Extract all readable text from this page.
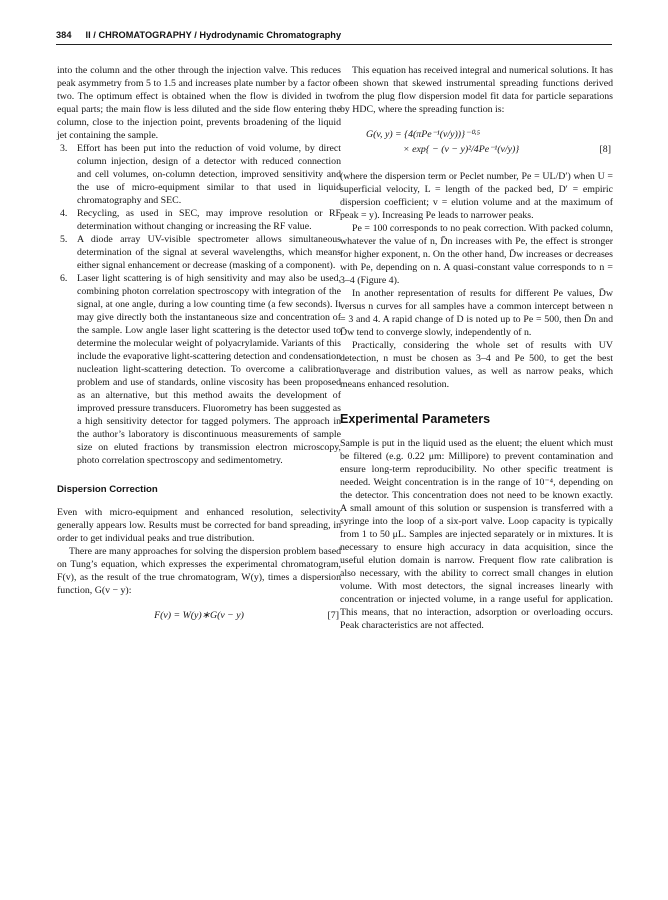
384 II / CHROMATOGRAPHY / Hydrodynamic Chromatography

into the column and the other through the injection valve. This reduces peak asymmetry from 5 to 1.5 and increases plate number by a factor of two. The optimum effect is obtained when the flow is divided in two equal parts; the main flow is less diluted and the side flow entering the column, close to the injection point, prevents broadening of the liquid jet containing the sample.

3. Effort has been put into the reduction of void volume, by direct column injection, design of a detector with reduced connection and cell volumes, on-column detection, improved sensitivity and the use of micro-equipment similar to that used in liquid chromatography and SEC.
4. Recycling, as used in SEC, may improve resolution or RF determination without changing or increasing the RF value.
5. A diode array UV-visible spectrometer allows simultaneous determination of the signal at several wavelengths, which means either signal enhancement or decrease (masking of a component).
6. Laser light scattering is of high sensitivity and may also be used, combining photon correlation spectroscopy with integration of the signal, at one angle, during a low counting time (a few seconds). It may give directly both the instantaneous size and concentration of the sample. Low angle laser light scattering is the detector used to determine the molecular weight of polyacrylamide. Variants of this include the evaporative light-scattering detection and condensation nucleation light-scattering detection. To overcome a calibration problem and use of standards, online viscosity has been proposed as an alternative, but this method awaits the development of improved pressure transducers. Fluorometry has been suggested as a high sensitivity detector for tagged polymers. The approach in the author’s laboratory is discontinuous measurements of sample size on eluted fractions by transmission electron microscopy, photo correlation spectroscopy and sedimentometry.
Dispersion Correction

Even with micro-equipment and enhanced resolution, selectivity generally appears low. Results must be corrected for band spreading, in order to get individual peaks and true distribution.

There are many approaches for solving the dispersion problem based on Tung’s equation, which expresses the experimental chromatogram, F(v), as the result of the true chromatogram, W(y), times a dispersion function, G(v − y):

F(v) = W(y)∗G(v − y)	[7]

This equation has received integral and numerical solutions. It has been shown that skewed instrumental spreading functions derived from the plug flow dispersion model fit data for particle separations by HDC, where the spreading function is:

G(v, y) = {4(πPe⁻¹(v/y))}⁻⁰·⁵
× exp{ − (v − y)²/4Pe⁻¹(v/y)}	[8]

(where the dispersion term or Peclet number, Pe = UL/D′) when U = superficial velocity, L = length of the packed bed, D′ = empiric dispersion coefficient; v = elution volume and at the maximum of peak = y). Increasing Pe leads to narrower peaks.

Pe = 100 corresponds to no peak correction. With packed column, whatever the value of n, D̄n increases with Pe, the effect is stronger for higher exponent, n. On the other hand, D̄w increases or decreases with Pe, depending on n. A quasi-constant value corresponds to n = 3–4 (Figure 4).

In another representation of results for different Pe values, D̄w versus n curves for all samples have a common intercept between n = 3 and 4. A rapid change of D is noted up to Pe = 500, then D̄n and D̄w tend to converge slowly, independently of n.

Practically, considering the whole set of results with UV detection, n must be chosen as 3–4 and Pe 500, to get the best average and distribution values, as well as narrow peaks, which means enhanced resolution.

Experimental Parameters

Sample is put in the liquid used as the eluent; the eluent which must be filtered (e.g. 0.22 μm: Millipore) to prevent contamination and ensure long-term reproducibility. No other specific treatment is needed. Weight concentration is in the range of 10⁻⁴, depending on the detector. This concentration does not need to be known exactly. A small amount of this solution or suspension is transferred with a syringe into the loop of a six-port valve. Loop capacity is typically from 1 to 50 μL. Samples are injected separately or in mixtures. It is necessary to ensure high accuracy in data acquisition, since the useful elution domain is narrow. Frequent flow rate calibration is also necessary, with the ability to correct small changes in elution volume. With most detectors, the signal increases linearly with concentration or injected volume, in a range useful for application. This means, that no interaction, adsorption or overloading occurs. Peak characteristics are not affected.
